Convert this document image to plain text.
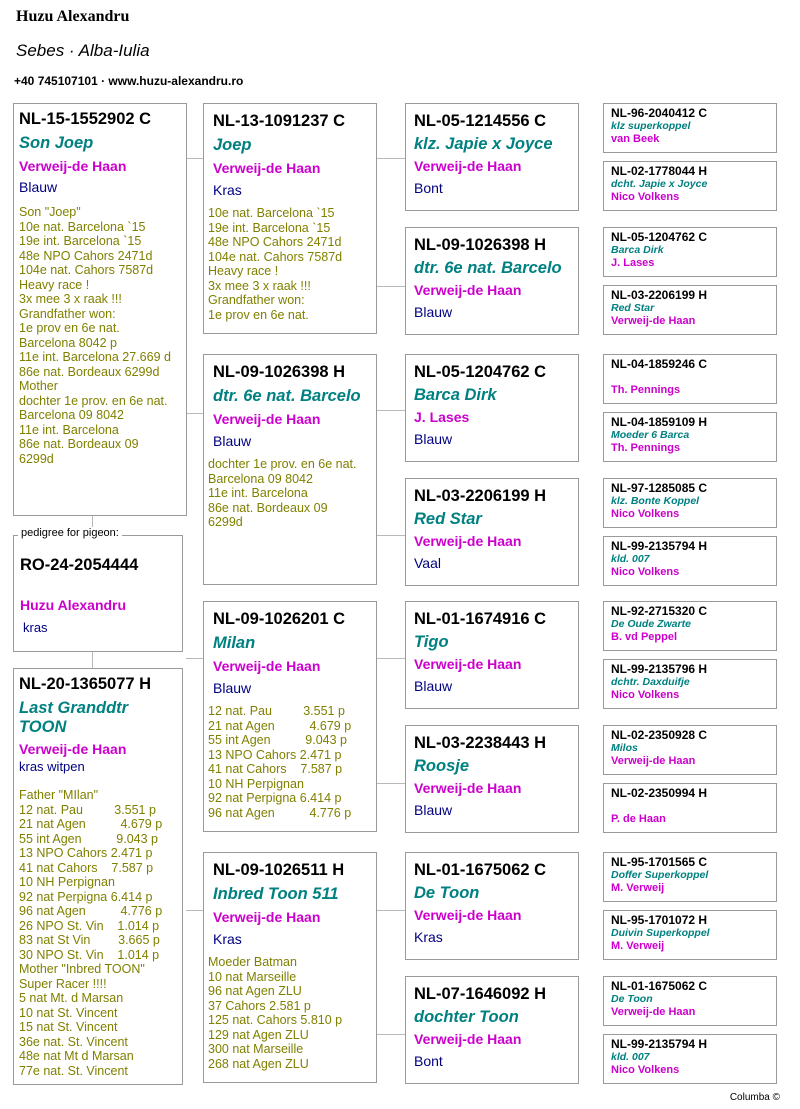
Huzu Alexandru
Sebes · Alba-Iulia
+40 745107101 · www.huzu-alexandru.ro
NL-15-1552902 C
Son Joep
Verweij-de Haan
Blauw
Son "Joep"
10e nat. Barcelona `15
19e int. Barcelona `15
48e NPO Cahors 2471d
104e nat. Cahors 7587d
Heavy race !
3x mee 3 x raak !!!
Grandfather won:
1e prov en 6e nat.
Barcelona 8042 p
11e int. Barcelona 27.669 d
86e nat. Bordeaux 6299d
Mother
dochter 1e prov. en 6e nat.
Barcelona 09 8042
11e int. Barcelona
86e nat. Bordeaux 09
6299d
RO-24-2054444
Huzu Alexandru
kras
pedigree for pigeon:
NL-20-1365077 H
Last Granddtr TOON
Verweij-de Haan
kras witpen
Father "MIlan"
12 nat. Pau         3.551 p
21 nat Agen          4.679 p
55 int Agen          9.043 p
13 NPO Cahors 2.471 p
41 nat Cahors    7.587 p
10 NH Perpignan
92 nat Perpigna 6.414 p
96 nat Agen          4.776 p
26 NPO St. Vin    1.014 p
83 nat St Vin        3.665 p
30 NPO St. Vin    1.014 p
Mother "Inbred TOON"
Super Racer !!!!
5 nat Mt. d Marsan
10 nat St. Vincent
15 nat St. Vincent
36e nat. St. Vincent
48e nat Mt d Marsan
77e nat. St. Vincent
NL-13-1091237 C
Joep
Verweij-de Haan
Kras
10e nat. Barcelona `15
19e int. Barcelona `15
48e NPO Cahors 2471d
104e nat. Cahors 7587d
Heavy race !
3x mee 3 x raak !!!
Grandfather won:
1e prov en 6e nat.
NL-09-1026398 H
dtr. 6e nat. Barcelo
Verweij-de Haan
Blauw
dochter 1e prov. en 6e nat.
Barcelona 09 8042
11e int. Barcelona
86e nat. Bordeaux 09
6299d
NL-09-1026201 C
Milan
Verweij-de Haan
Blauw
12 nat. Pau         3.551 p
21 nat Agen          4.679 p
55 int Agen          9.043 p
13 NPO Cahors 2.471 p
41 nat Cahors    7.587 p
10 NH Perpignan
92 nat Perpigna 6.414 p
96 nat Agen          4.776 p
NL-09-1026511 H
Inbred Toon 511
Verweij-de Haan
Kras
Moeder Batman
10 nat Marseille
96 nat Agen ZLU
37 Cahors 2.581 p
125 nat. Cahors 5.810 p
129 nat Agen ZLU
300 nat Marseille
268 nat Agen ZLU
NL-05-1214556 C
klz. Japie x Joyce
Verweij-de Haan
Bont
NL-09-1026398 H
dtr. 6e nat. Barcelo
Verweij-de Haan
Blauw
NL-05-1204762 C
Barca Dirk
J. Lases
Blauw
NL-03-2206199 H
Red Star
Verweij-de Haan
Vaal
NL-01-1674916 C
Tigo
Verweij-de Haan
Blauw
NL-03-2238443 H
Roosje
Verweij-de Haan
Blauw
NL-01-1675062 C
De Toon
Verweij-de Haan
Kras
NL-07-1646092 H
dochter Toon
Verweij-de Haan
Bont
NL-96-2040412 C
klz superkoppel
van Beek
NL-02-1778044 H
dcht. Japie x Joyce
Nico Volkens
NL-05-1204762 C
Barca Dirk
J. Lases
NL-03-2206199 H
Red Star
Verweij-de Haan
NL-04-1859246 C
Th. Pennings
NL-04-1859109 H
Moeder 6 Barca
Th. Pennings
NL-97-1285085 C
klz. Bonte Koppel
Nico Volkens
NL-99-2135794 H
kld. 007
Nico Volkens
NL-92-2715320 C
De Oude Zwarte
B. vd Peppel
NL-99-2135796 H
dchtr. Daxduifje
Nico Volkens
NL-02-2350928 C
Milos
Verweij-de Haan
NL-02-2350994 H
P. de Haan
NL-95-1701565 C
Doffer Superkoppel
M. Verweij
NL-95-1701072 H
Duivin Superkoppel
M. Verweij
NL-01-1675062 C
De Toon
Verweij-de Haan
NL-99-2135794 H
kld. 007
Nico Volkens
Columba ©
